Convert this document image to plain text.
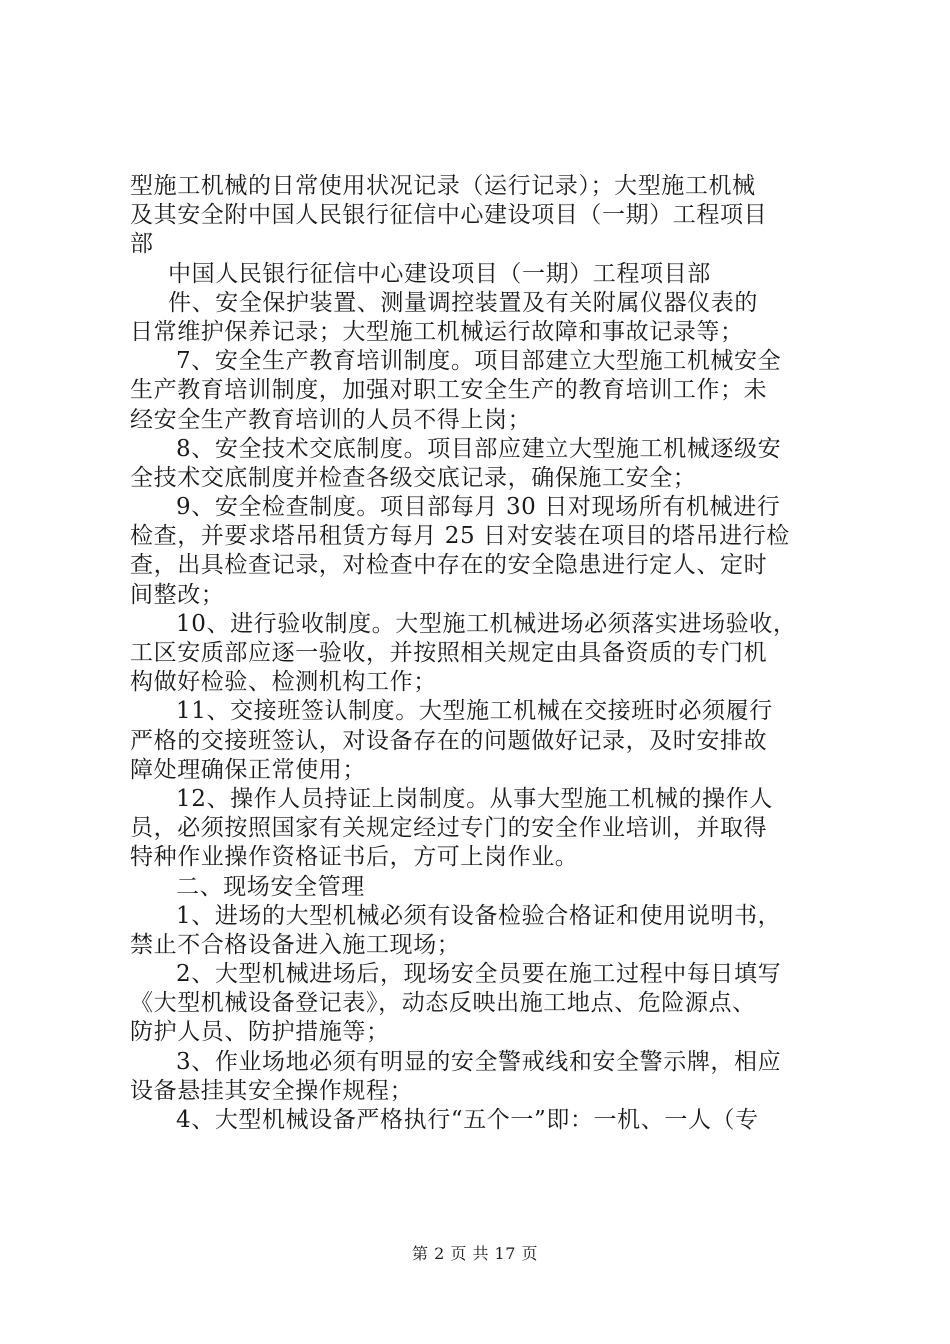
型施工机械的日常使用状况记录（运行记录）；大型施工机械
及其安全附中国人民银行征信中心建设项目（一期）工程项目
部
中国人民银行征信中心建设项目（一期）工程项目部
件、安全保护装置、测量调控装置及有关附属仪器仪表的
日常维护保养记录；大型施工机械运行故障和事故记录等；
7、安全生产教育培训制度。项目部建立大型施工机械安全
生产教育培训制度，加强对职工安全生产的教育培训工作；未
经安全生产教育培训的人员不得上岗；
8、安全技术交底制度。项目部应建立大型施工机械逐级安
全技术交底制度并检查各级交底记录，确保施工安全；
9、安全检查制度。项目部每月 30 日对现场所有机械进行
检查，并要求塔吊租赁方每月 25 日对安装在项目的塔吊进行检
查，出具检查记录，对检查中存在的安全隐患进行定人、定时
间整改；
10、进行验收制度。大型施工机械进场必须落实进场验收，
工区安质部应逐一验收，并按照相关规定由具备资质的专门机
构做好检验、检测机构工作；
11、交接班签认制度。大型施工机械在交接班时必须履行
严格的交接班签认，对设备存在的问题做好记录，及时安排故
障处理确保正常使用；
12、操作人员持证上岗制度。从事大型施工机械的操作人
员，必须按照国家有关规定经过专门的安全作业培训，并取得
特种作业操作资格证书后，方可上岗作业。
二、现场安全管理
1、进场的大型机械必须有设备检验合格证和使用说明书，
禁止不合格设备进入施工现场；
2、大型机械进场后，现场安全员要在施工过程中每日填写
《大型机械设备登记表》，动态反映出施工地点、危险源点、
防护人员、防护措施等；
3、作业场地必须有明显的安全警戒线和安全警示牌，相应
设备悬挂其安全操作规程；
4、大型机械设备严格执行“五个一”即：一机、一人（专
第 2 页 共 17 页
